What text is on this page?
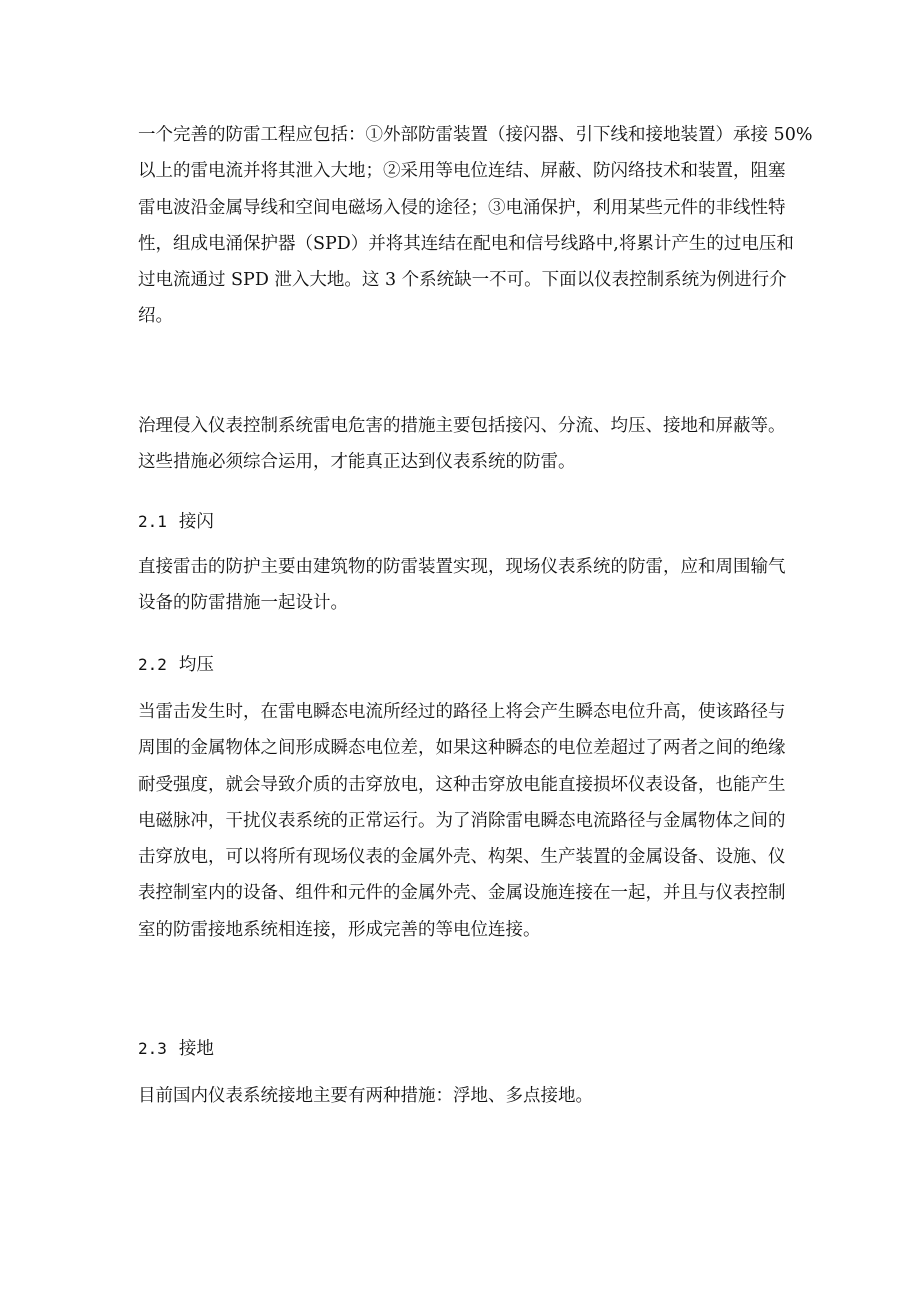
一个完善的防雷工程应包括：①外部防雷装置（接闪器、引下线和接地装置）承接 50%
以上的雷电流并将其泄入大地；②采用等电位连结、屏蔽、防闪络技术和装置，阻塞
雷电波沿金属导线和空间电磁场入侵的途径；③电涌保护，利用某些元件的非线性特
性，组成电涌保护器（SPD）并将其连结在配电和信号线路中,将累计产生的过电压和
过电流通过 SPD 泄入大地。这 3 个系统缺一不可。下面以仪表控制系统为例进行介
绍。

治理侵入仪表控制系统雷电危害的措施主要包括接闪、分流、均压、接地和屏蔽等。
这些措施必须综合运用，才能真正达到仪表系统的防雷。

2.1 接闪

直接雷击的防护主要由建筑物的防雷装置实现，现场仪表系统的防雷，应和周围输气
设备的防雷措施一起设计。

2.2 均压

当雷击发生时，在雷电瞬态电流所经过的路径上将会产生瞬态电位升高，使该路径与
周围的金属物体之间形成瞬态电位差，如果这种瞬态的电位差超过了两者之间的绝缘
耐受强度，就会导致介质的击穿放电，这种击穿放电能直接损坏仪表设备，也能产生
电磁脉冲，干扰仪表系统的正常运行。为了消除雷电瞬态电流路径与金属物体之间的
击穿放电，可以将所有现场仪表的金属外壳、构架、生产装置的金属设备、设施、仪
表控制室内的设备、组件和元件的金属外壳、金属设施连接在一起，并且与仪表控制
室的防雷接地系统相连接，形成完善的等电位连接。

2.3 接地

目前国内仪表系统接地主要有两种措施：浮地、多点接地。
